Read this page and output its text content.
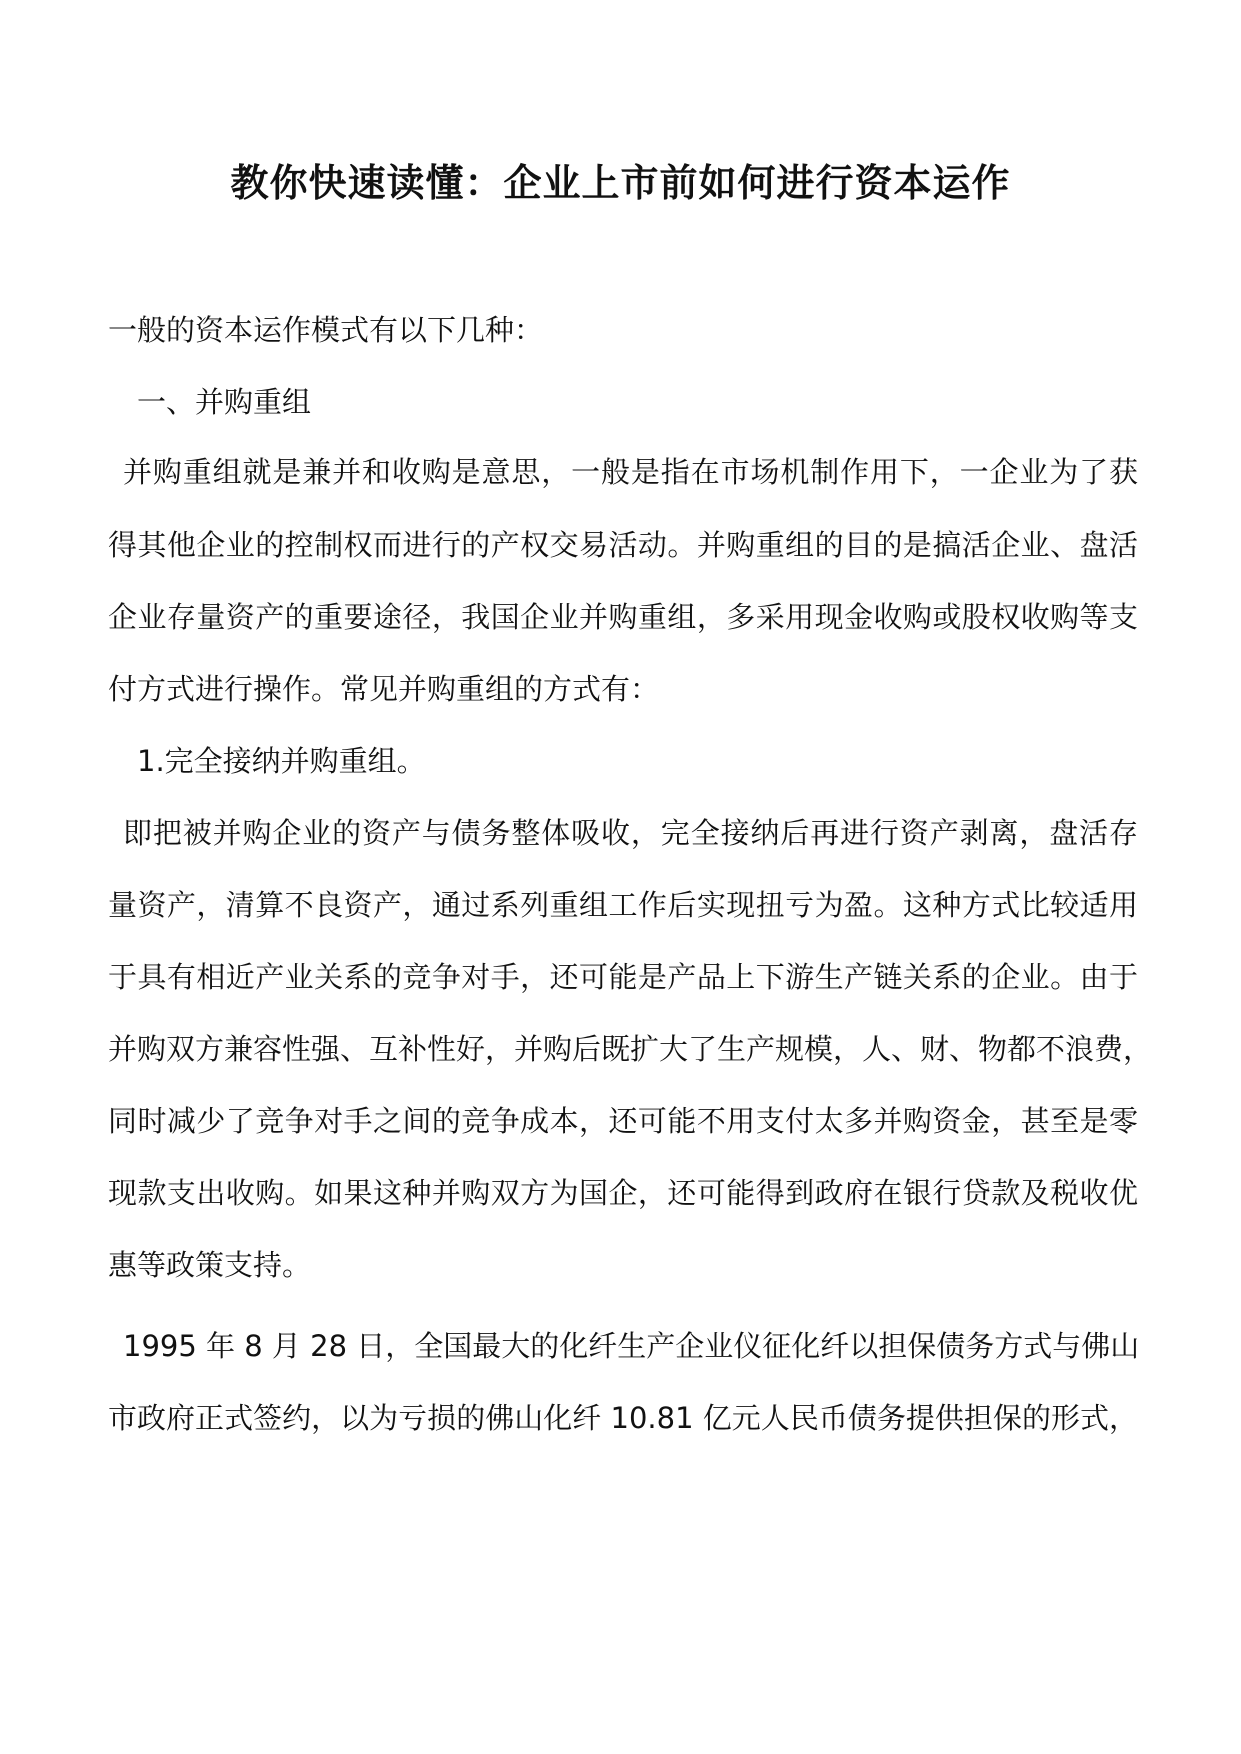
教你快速读懂：企业上市前如何进行资本运作
一般的资本运作模式有以下几种：
一、并购重组
并购重组就是兼并和收购是意思，一般是指在市场机制作用下，一企业为了获
得其他企业的控制权而进行的产权交易活动。并购重组的目的是搞活企业、盘活
企业存量资产的重要途径，我国企业并购重组，多采用现金收购或股权收购等支
付方式进行操作。常见并购重组的方式有：
1.完全接纳并购重组。
即把被并购企业的资产与债务整体吸收，完全接纳后再进行资产剥离，盘活存
量资产，清算不良资产，通过系列重组工作后实现扭亏为盈。这种方式比较适用
于具有相近产业关系的竞争对手，还可能是产品上下游生产链关系的企业。由于
并购双方兼容性强、互补性好，并购后既扩大了生产规模，人、财、物都不浪费，
同时减少了竞争对手之间的竞争成本，还可能不用支付太多并购资金，甚至是零
现款支出收购。如果这种并购双方为国企，还可能得到政府在银行贷款及税收优
惠等政策支持。
1995 年 8 月 28 日，全国最大的化纤生产企业仪征化纤以担保债务方式与佛山
市政府正式签约，以为亏损的佛山化纤 10.81 亿元人民币债务提供担保的形式，
